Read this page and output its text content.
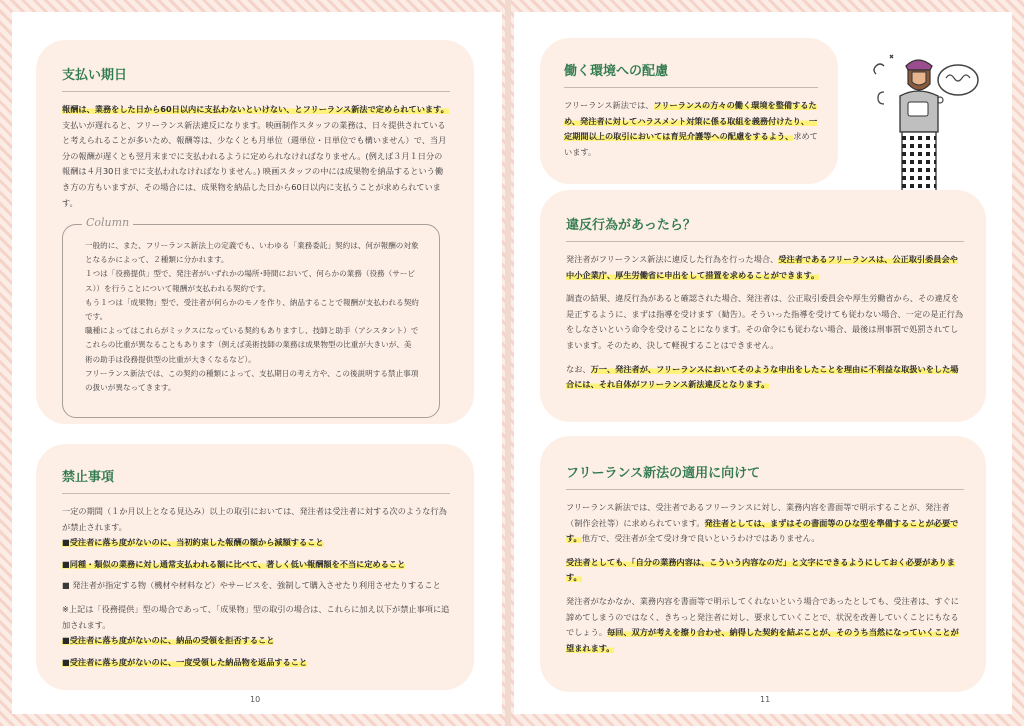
支払い期日

報酬は、業務をした日から60日以内に支払わないといけない、とフリーランス新法で定められています。支払いが遅れると、フリーランス新法違反になります。映画制作スタッフの業務は、日々提供されていると考えられることが多いため、報酬等は、少なくとも月単位（週単位・日単位でも構いません）で、当月分の報酬が遅くとも翌月末までに支払われるように定められなければなりません。(例えば３月１日分の報酬は４月30日までに支払われなければなりません。) 映画スタッフの中には成果物を納品するという働き方の方もいますが、その場合には、成果物を納品した日から60日以内に支払うことが求められています。

一般的に、また、フリーランス新法上の定義でも、いわゆる「業務委託」契約は、何が報酬の対象となるかによって、２種類に分かれます。

１つは「役務提供」型で、発注者がいずれかの場所･時間において、何らかの業務（役務（サービス））を行うことについて報酬が支払われる契約です。

もう１つは「成果物」型で、受注者が何らかのモノを作り、納品することで報酬が支払われる契約です。

職種によってはこれらがミックスになっている契約もありますし、技師と助手（アシスタント）でこれらの比重が異なることもあります（例えば美術技師の業務は成果物型の比重が大きいが、美術の助手は役務提供型の比重が大きくなるなど）。

フリーランス新法では、この契約の種類によって、支払期日の考え方や、この後説明する禁止事項の扱いが異なってきます。

Column
禁止事項

一定の期間（１か月以上となる見込み）以上の取引においては、発注者は受注者に対する次のような行為が禁止されます。

■受注者に落ち度がないのに、当初約束した報酬の額から減額すること

■同種・類似の業務に対し通常支払われる額に比べて、著しく低い報酬額を不当に定めること

■ 発注者が指定する物（機材や材料など）やサービスを、強制して購入させたり利用させたりすること

※上記は「役務提供」型の場合であって、「成果物」型の取引の場合は、これらに加え以下が禁止事項に追加されます。

■受注者に落ち度がないのに、納品の受領を拒否すること

■受注者に落ち度がないのに、一度受領した納品物を返品すること

10
働く環境への配慮

フリーランス新法では、フリーランスの方々の働く環境を整備するため、発注者に対してハラスメント対策に係る取組を義務付けたり、一定期間以上の取引においては育児介護等への配慮をするよう、求めています。

違反行為があったら？

発注者がフリーランス新法に違反した行為を行った場合、受注者であるフリーランスは、公正取引委員会や中小企業庁、厚生労働省に申出をして措置を求めることができます。

調査の結果、違反行為があると確認された場合、発注者は、公正取引委員会や厚生労働省から、その違反を是正するように、まずは指導を受けます（勧告）。そういった指導を受けても従わない場合、一定の是正行為をしなさいという命令を受けることになります。その命令にも従わない場合、最後は刑事罰で処罰されてしまいます。そのため、決して軽視することはできません。

なお、万一、発注者が、フリーランスにおいてそのような申出をしたことを理由に不利益な取扱いをした場合には、それ自体がフリーランス新法違反となります。

フリーランス新法の適用に向けて

フリーランス新法では、受注者であるフリーランスに対し、業務内容を書面等で明示することが、発注者（制作会社等）に求められています。発注者としては、まずはその書面等のひな型を準備することが必要です。他方で、受注者が全て受け身で良いというわけではありません。

受注者としても、「自分の業務内容は、こういう内容なのだ」と文字にできるようにしておく必要があります。

発注者がなかなか、業務内容を書面等で明示してくれないという場合であったとしても、受注者は、すぐに諦めてしまうのではなく、きちっと発注者に対し、要求していくことで、状況を改善していくことにもなるでしょう。毎回、双方が考えを擦り合わせ、納得した契約を結ぶことが、そのうち当然になっていくことが望まれます。

11
